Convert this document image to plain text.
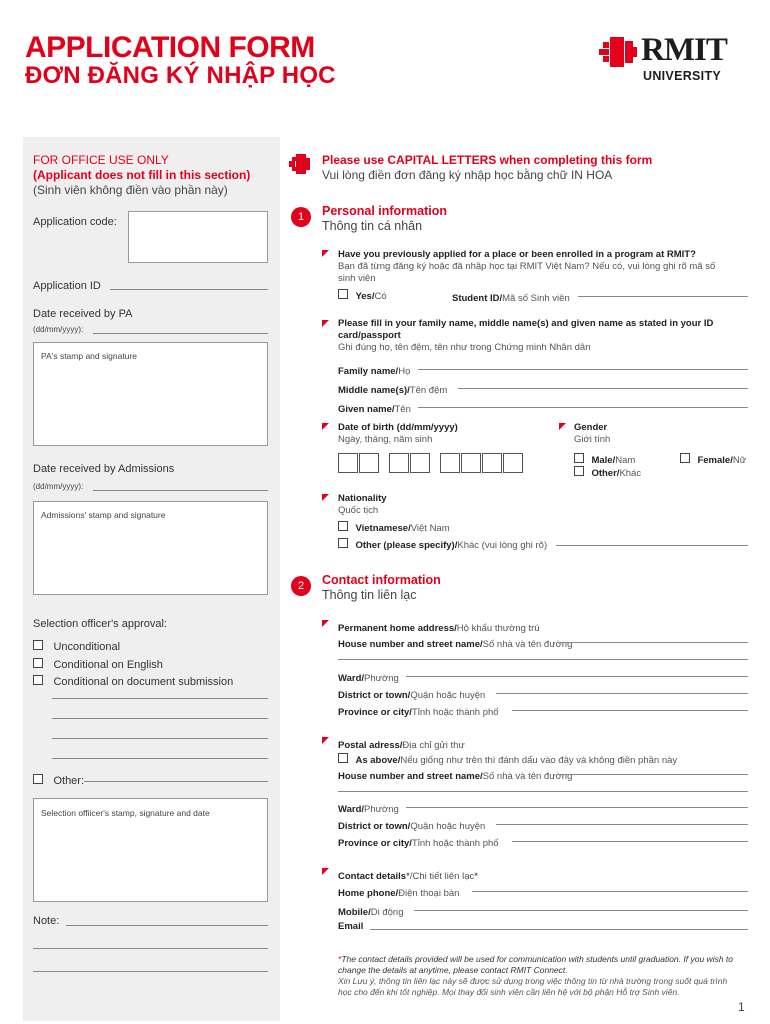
APPLICATION FORM
ĐƠN ĐĂNG KÝ NHẬP HỌC
RMIT
UNIVERSITY
FOR OFFICE USE ONLY
(Applicant does not fill in this section)
(Sinh viên không điền vào phần này)
Application code:
Application ID
Date received by PA
(dd/mm/yyyy):
PA's stamp and signature
Date received by Admissions
(dd/mm/yyyy):
Admissions' stamp and signature
Selection officer's approval:
Unconditional
Conditional on English
Conditional on document submission
Other:
Selection offiicer's stamp, signature and date
Note:
Please use CAPITAL LETTERS when completing this form
Vui lòng điền đơn đăng ký nhập học bằng chữ IN HOA
1	Personal information
Thông tin cá nhân
Have you previously applied for a place or been enrolled in a program at RMIT?
Bạn đã từng đăng ký hoặc đã nhập học tại RMIT Việt Nam? Nếu có, vui lòng ghi rõ mã số sinh viên
Yes/Có	Student ID/Mã số Sinh viên
Please fill in your family name, middle name(s) and given name as stated in your ID card/passport
Ghi đúng họ, tên đệm, tên như trong Chứng minh Nhân dân
Family name/Họ
Middle name(s)/Tên đệm
Given name/Tên
Date of birth (dd/mm/yyyy)
Ngày, tháng, năm sinh
Gender
Giới tính
Male/Nam	Female/Nữ
Other/Khác
Nationality
Quốc tịch
Vietnamese/Việt Nam
Other (please specify)/Khác (vui lòng ghi rõ)
2	Contact information
Thông tin liên lạc
Permanent home address/Hộ khẩu thường trú
House number and street name/Số nhà và tên đường
Ward/Phường
District or town/Quận hoặc huyện
Province or city/Tỉnh hoặc thành phố
Postal adress/Địa chỉ gửi thư
As above/Nếu giống như trên thì đánh dấu vào đây và không điền phần này
House number and street name/Số nhà và tên đường
Ward/Phường
District or town/Quận hoặc huyện
Province or city/Tỉnh hoặc thành phố
Contact details*/Chi tiết liên lạc*
Home phone/Điện thoại bàn
Mobile/Di động
Email
*The contact details provided will be used for communication with students until graduation. If you wish to change the details at anytime, please contact RMIT Connect.
Xin Lưu ý, thông tin liên lạc này sẽ được sử dụng trong việc thông tin từ nhà trường trong suốt quá trình học cho đến khi tốt nghiệp. Mọi thay đổi sinh viên cần liên hệ với bộ phận Hỗ trợ Sinh viên.
1
